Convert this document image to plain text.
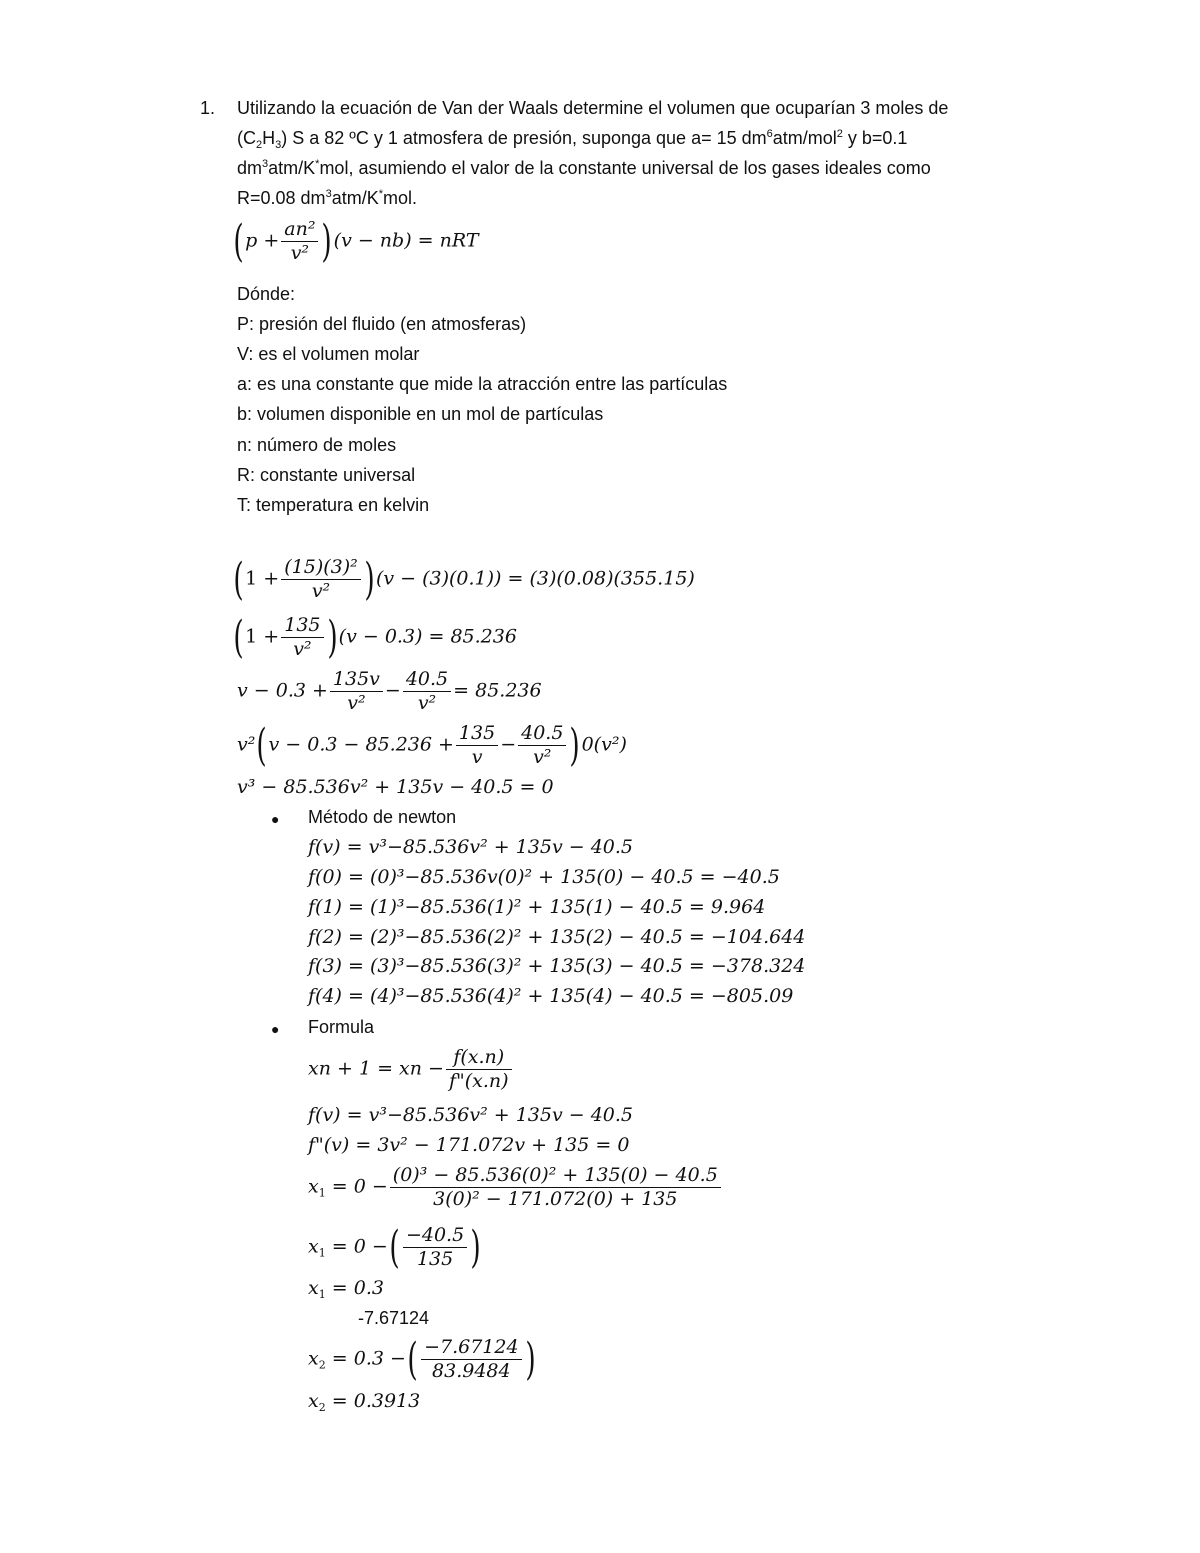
1. Utilizando la ecuación de Van der Waals determine el volumen que ocuparían 3 moles de
$(C_2H_3)$ S a 82 ºC y 1 atmosfera de presión, suponga que a= 15 $dm^6atm/mol^2$ y b=0.1
$dm^3atm/K^*mol$, asumiendo el valor de la constante universal de los gases ideales como
R=0.08 $dm^3atm/K^*mol$.
$(p + \frac{\text{an²}}{\text{v²}} )(v - nb)$ = nRT
Dónde:
P: presión del fluido (en atmosferas)
V: es el volumen molar
a: es una constante que mide la atracción entre las partículas
b: volumen disponible en un mol de partículas
n: número de moles
R: constante universal
T: temperatura en kelvin
$(1 + \frac{\text{(15)(3)²}}{\text{v²}} )(v - (3)(0.1)) = (3)(0.08)(355.15)$
$(1 + \frac{135}{\text{v²}} )(v - 0.3) = 85.236$
$v - 0.3 + \frac{135v}{\text{v²}} - \frac{40.5}{\text{v²}} = 85.236$
$v^2(v - 0.3 - 85.236 + \frac{135}{v} - \frac{40.5}{\text{v²}} )0(v^2)$
v³ − 85.536v² + 135v − 40.5 = 0
● Método de newton
f(v) = v³−85.536v² + 135v − 40.5
f(0) = (0)³−85.536v(0)² + 135(0) − 40.5 = −40.5
f(1) = (1)³−85.536(1)² + 135(1) − 40.5 = 9.964
f(2) = (2)³−85.536(2)² + 135(2) − 40.5 = −104.644
f(3) = (3)³−85.536(3)² + 135(3) − 40.5 = −378.324
f(4) = (4)³−85.536(4)² + 135(4) − 40.5 = −805.09
● Formula
xn + 1 = xn − $\frac{f(x.n)}{f"(x.n)}$
f(v) = v³−85.536v² + 135v − 40.5
f"(v) = 3v² − 171.072v + 135 = 0
$x_1 = 0 - \frac{\text{(0)³ − 85.536(0)² + 135(0) − 40.5}}{\text{3(0)² − 171.072(0) + 135}}$
$x_1 = 0$ −( $\frac{-40.5}{135}$ )
$x_1 = 0.3$
-7.67124
$x_2 = 0.3$ −( $\frac{-7.67124}{83.9484}$ )
$x_2 = 0.3913$
